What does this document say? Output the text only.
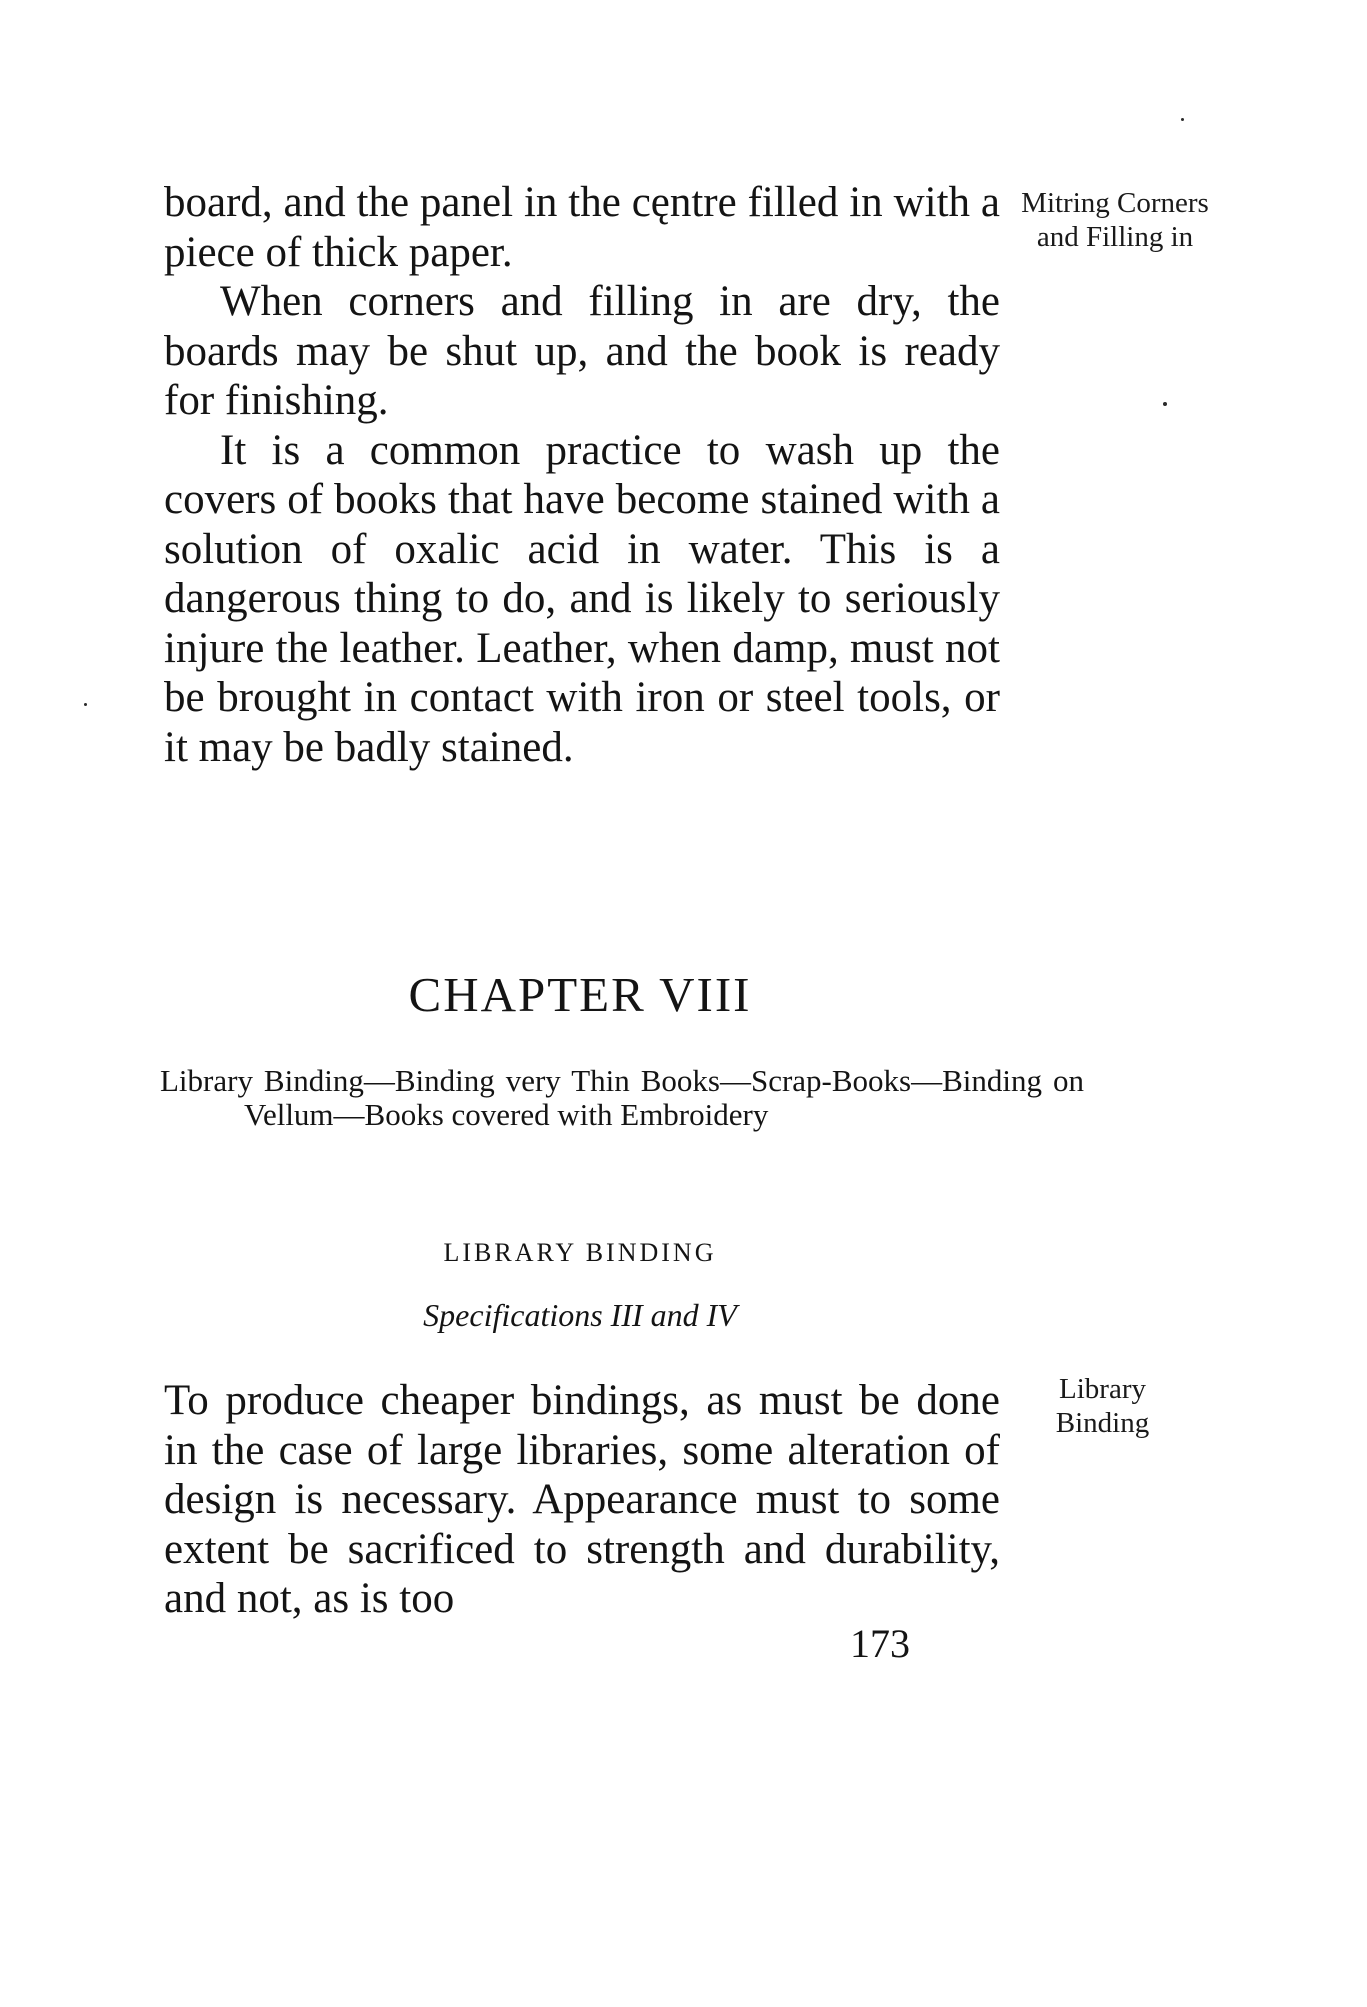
board, and the panel in the cęntre filled in with a piece of thick paper.

When corners and filling in are dry, the boards may be shut up, and the book is ready for finishing.

It is a common practice to wash up the covers of books that have become stained with a solution of oxalic acid in water. This is a dangerous thing to do, and is likely to seriously injure the leather. Leather, when damp, must not be brought in contact with iron or steel tools, or it may be badly stained.

Mitring Corners and Filling in
CHAPTER VIII
Library Binding—Binding very Thin Books—Scrap-Books—Binding on Vellum—Books covered with Embroidery
LIBRARY BINDING
Specifications III and IV

To produce cheaper bindings, as must be done in the case of large libraries, some alteration of design is necessary. Appearance must to some extent be sacrificed to strength and durability, and not, as is too

Library Binding
173
